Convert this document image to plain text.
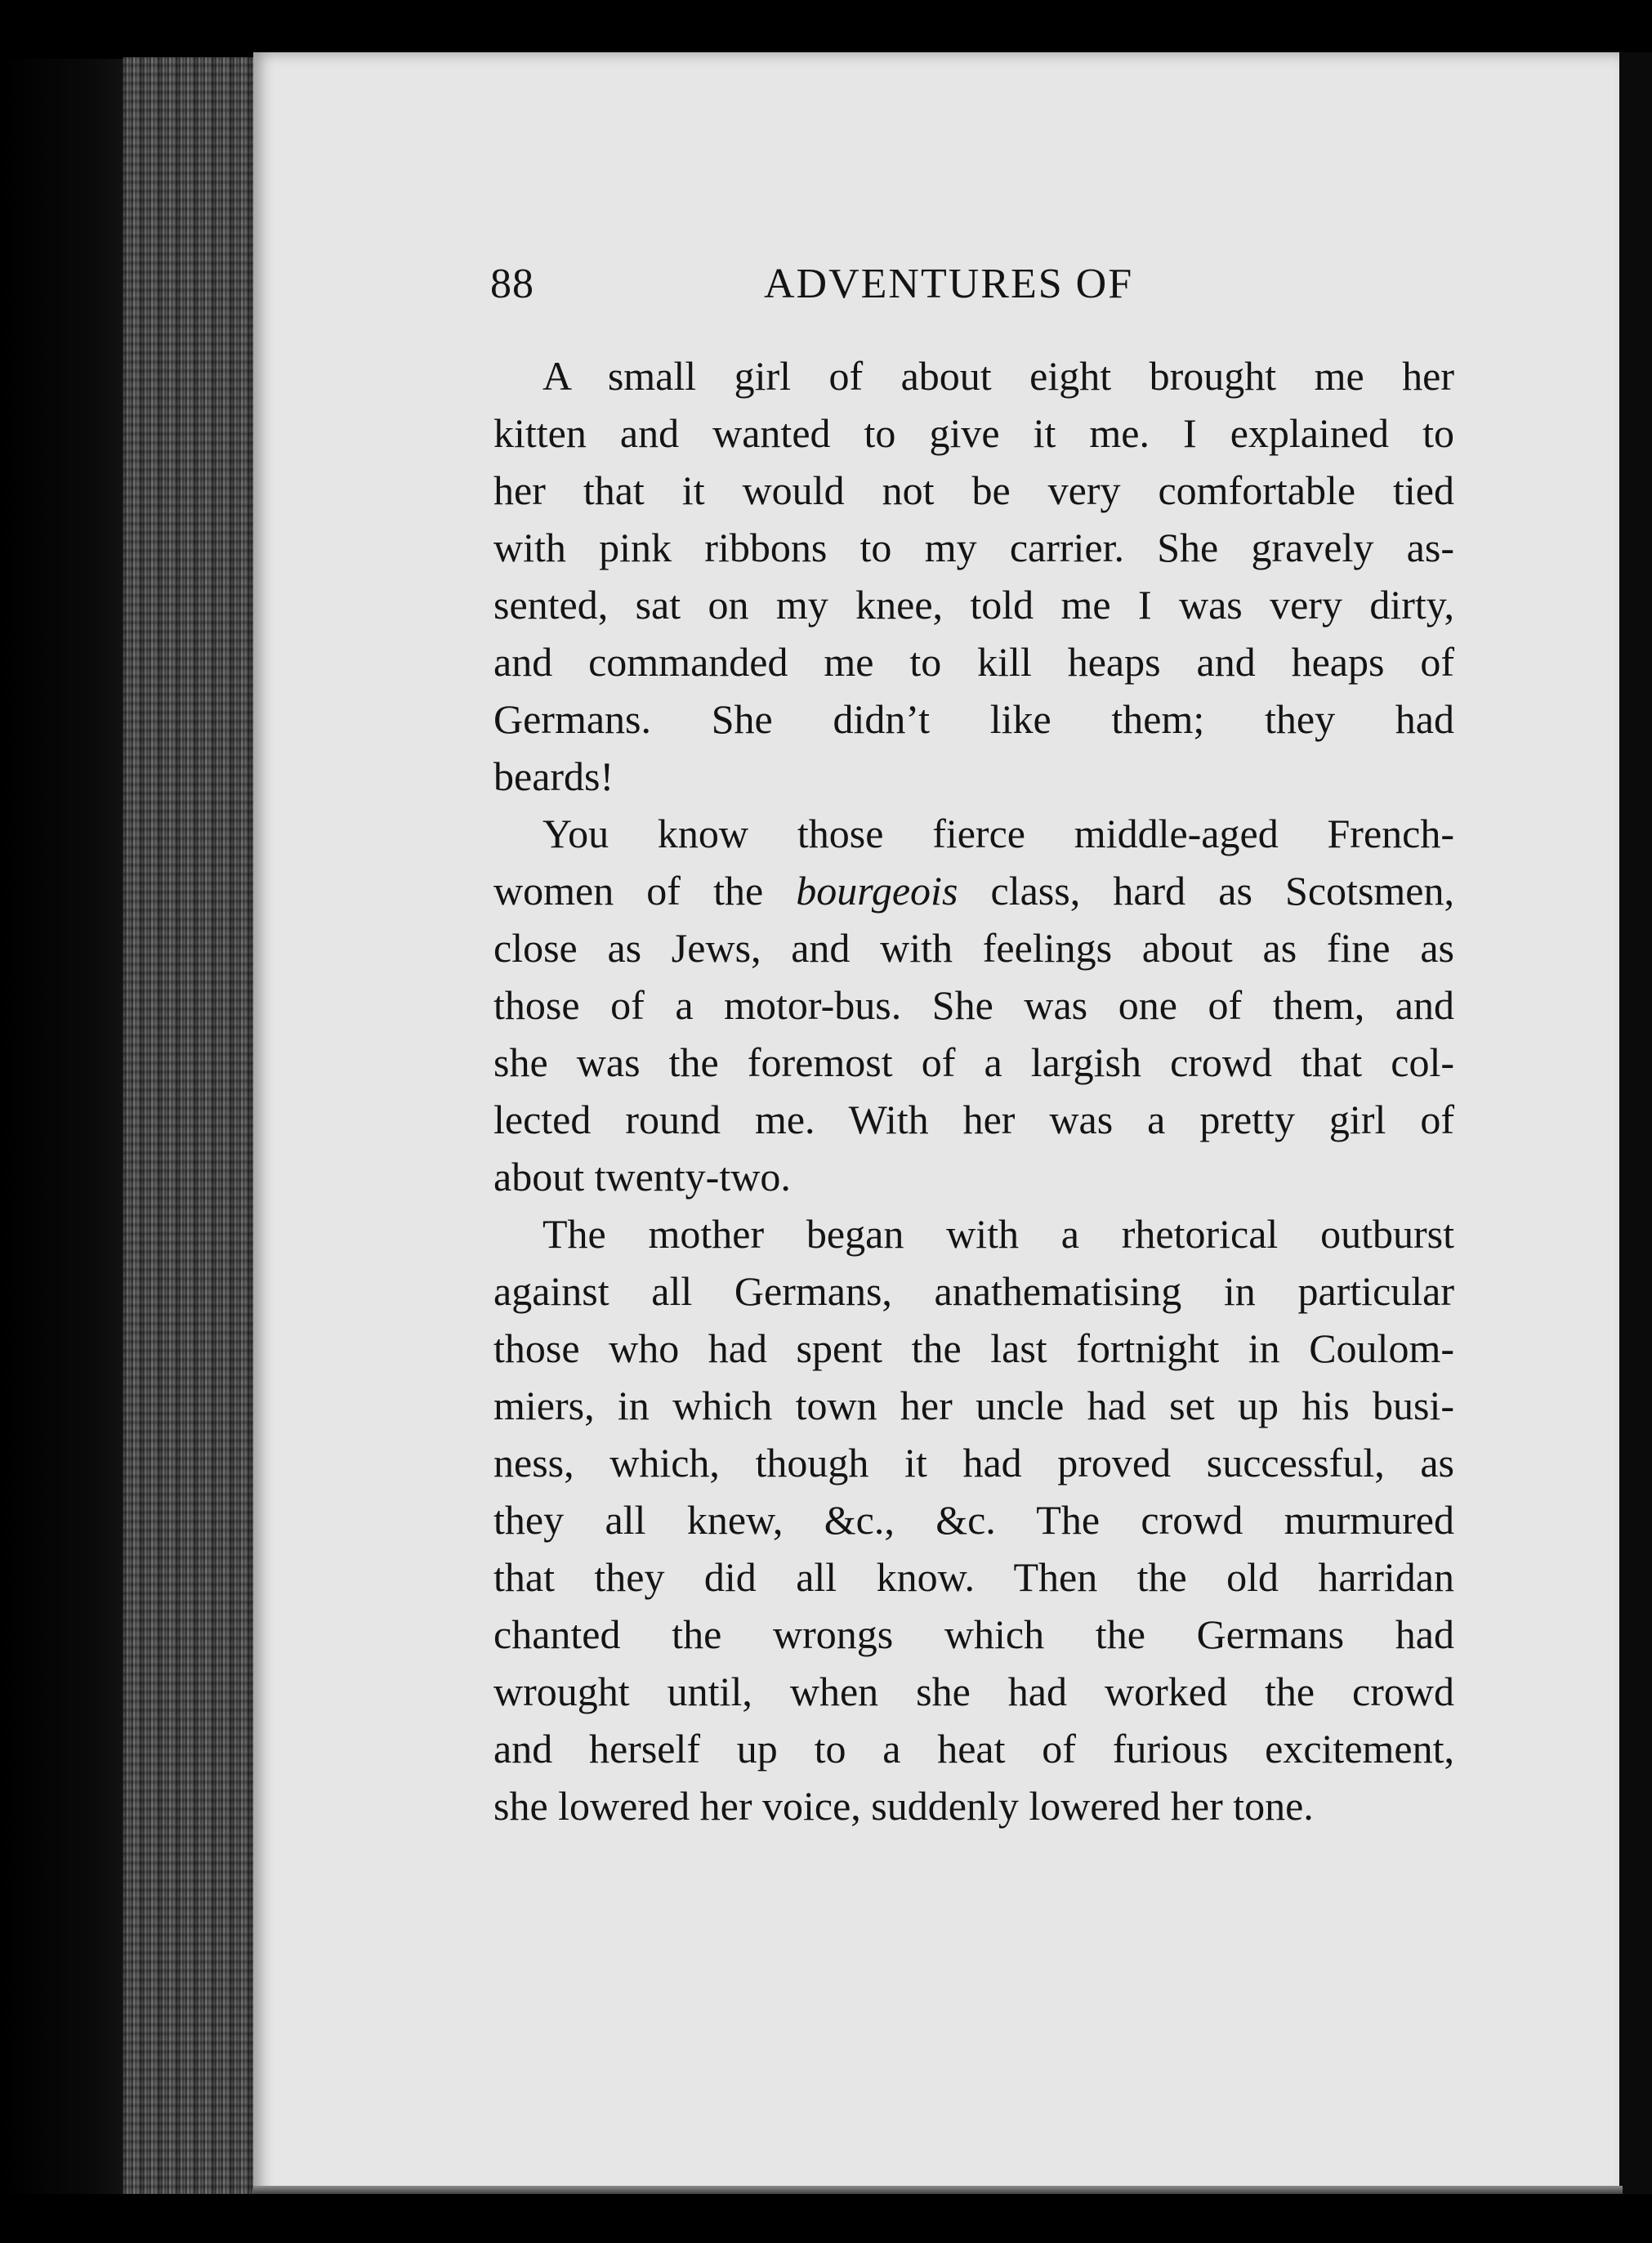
88	ADVENTURES OF

A small girl of about eight brought me her
kitten and wanted to give it me. I explained to
her that it would not be very comfortable tied
with pink ribbons to my carrier. She gravely as-
sented, sat on my knee, told me I was very dirty,
and commanded me to kill heaps and heaps of
Germans. She didn’t like them; they had
beards!

You know those fierce middle-aged French-
women of the bourgeois class, hard as Scotsmen,
close as Jews, and with feelings about as fine as
those of a motor-bus. She was one of them, and
she was the foremost of a largish crowd that col-
lected round me. With her was a pretty girl of
about twenty-two.

The mother began with a rhetorical outburst
against all Germans, anathematising in particular
those who had spent the last fortnight in Coulom-
miers, in which town her uncle had set up his busi-
ness, which, though it had proved successful, as
they all knew, &c., &c. The crowd murmured
that they did all know. Then the old harridan
chanted the wrongs which the Germans had
wrought until, when she had worked the crowd
and herself up to a heat of furious excitement,
she lowered her voice, suddenly lowered her tone.
